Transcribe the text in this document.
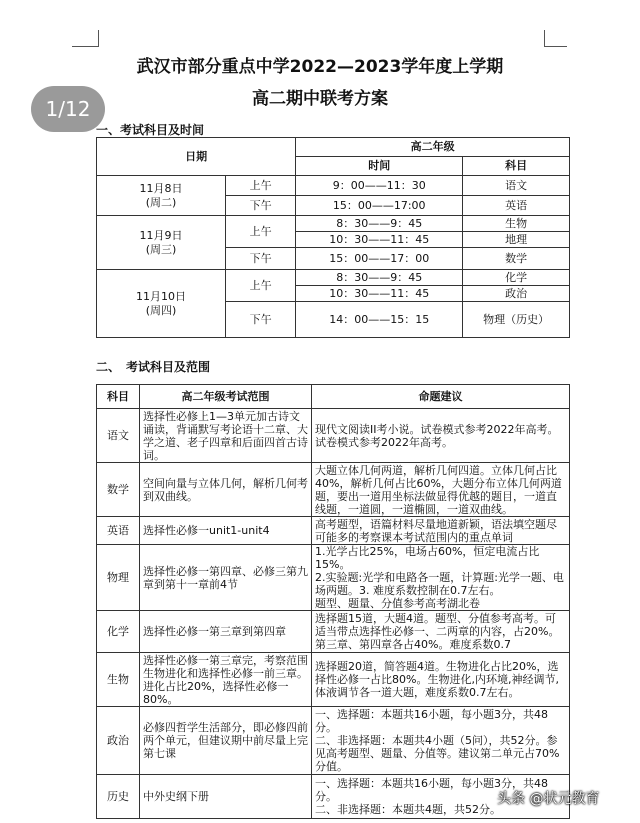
武汉市部分重点中学2022—2023学年度上学期
高二期中联考方案
1/12
一、考试科目及时间
日期		高二年级	
		时间	科目

11月8日
(周二)	上午	9：00——11：30	语文
	下午	15：00——17:00	英语

11月9日
(周三)	上午	8：30——9：45	生物
		10：30——11：45	地理
	下午	15：00——17：00	数学

11月10日
(周四)	上午	8：30——9：45	化学
		10：30——11：45	政治
	下午	14：00——15：15	物理（历史）
二、　考试科目及范围
科目	高二年级考试范围	命题建议
语文	选择性必修上1—3单元加古诗文诵读，背诵默写考论语十二章、大学之道、老子四章和后面四首古诗词。	现代文阅读II考小说。试卷模式参考2022年高考。
试卷模式参考2022年高考。

数学	空间向量与立体几何，解析几何考到双曲线。	大题立体几何两道，解析几何四道。立体几何占比40%，解析几何占比60%，大题分布立体几何两道题，要出一道用坐标法做显得优越的题目，一道直线题，一道圆，一道椭圆，一道双曲线。

英语	选择性必修一unit1-unit4	高考题型，语篇材料尽量地道新颖，语法填空题尽可能多的考察课本考试范围内的重点单词

物理	选择性必修一第四章、必修三第九章到第十一章前4节	1.光学占比25%，电场占60%，恒定电流占比15%。
2.实验题:光学和电路各一题，计算题:光学一题、电场两题。3. 难度系数控制在0.7左右。
题型、题量、分值参考高考湖北卷

化学	选择性必修一第三章到第四章	选择题15道，大题4道。题型、分值参考高考。可适当带点选择性必修一、二两章的内容，占20%。第三章、第四章各占40%。难度系数0.7

生物	选择性必修一第三章完，考察范围生物进化和选择性必修一前三章。进化占比20%，选择性必修一80%。	选择题20道，简答题4道。生物进化占比20%，选择性必修一占比80%。生物进化,内环境,神经调节,体液调节各一道大题，难度系数0.7左右。

政治	必修四哲学生活部分，即必修四前两个单元，但建议期中前尽量上完第七课	一、选择题：本题共16小题，每小题3分，共48分。
二、非选择题：本题共4小题（5问），共52分。参见高考题型、题量、分值等。建议第二单元占70%分值。

历史	中外史纲下册	一、选择题：本题共16小题，每小题3分，共48分。
二、非选择题：本题共4题，共52分。
头条 @状元教育
